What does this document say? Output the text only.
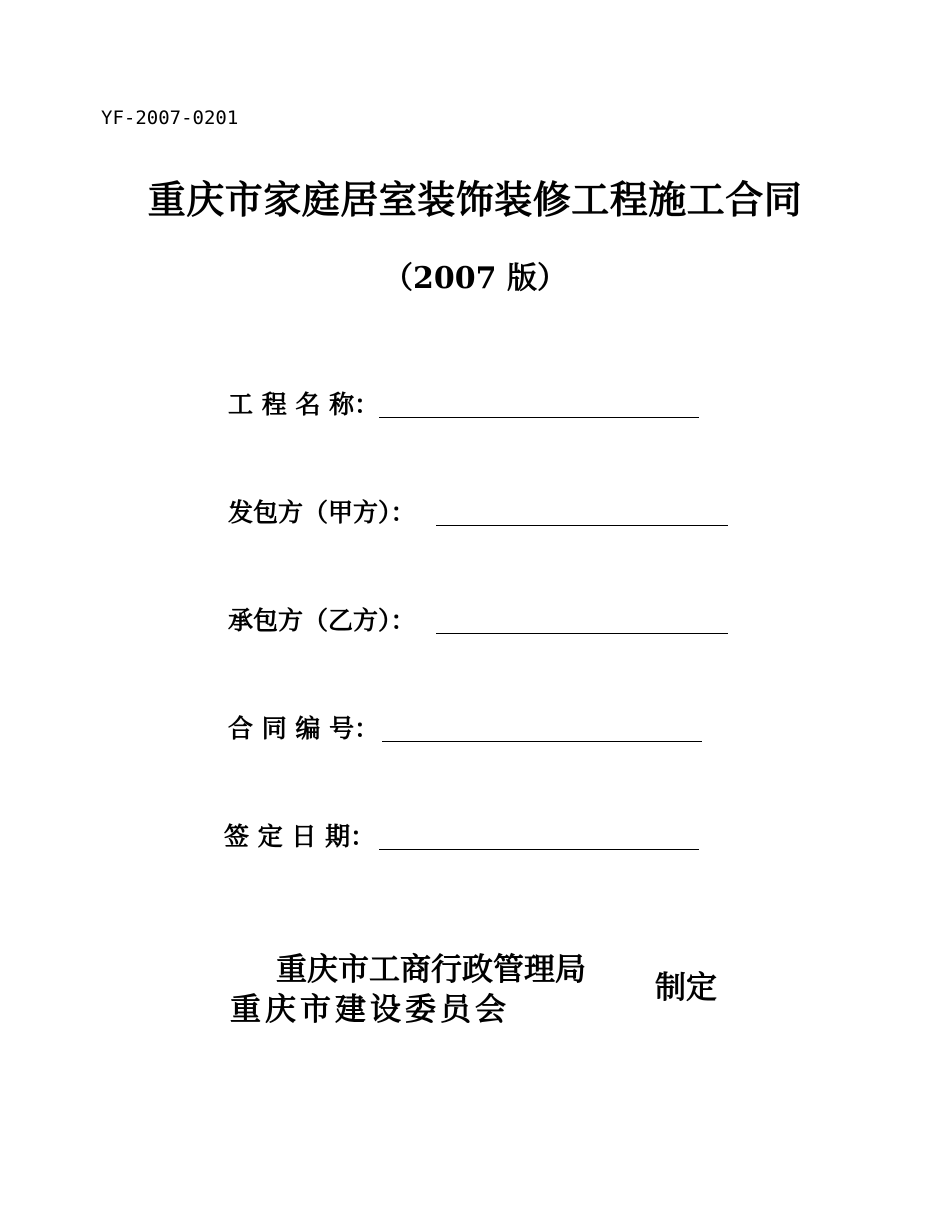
YF-2007-0201
重庆市家庭居室装饰装修工程施工合同
（2007 版）
工 程 名 称：
发包方（甲方）：
承包方（乙方）：
合 同 编 号：
签 定 日 期：
重庆市工商行政管理局
重庆市建设委员会
制定
